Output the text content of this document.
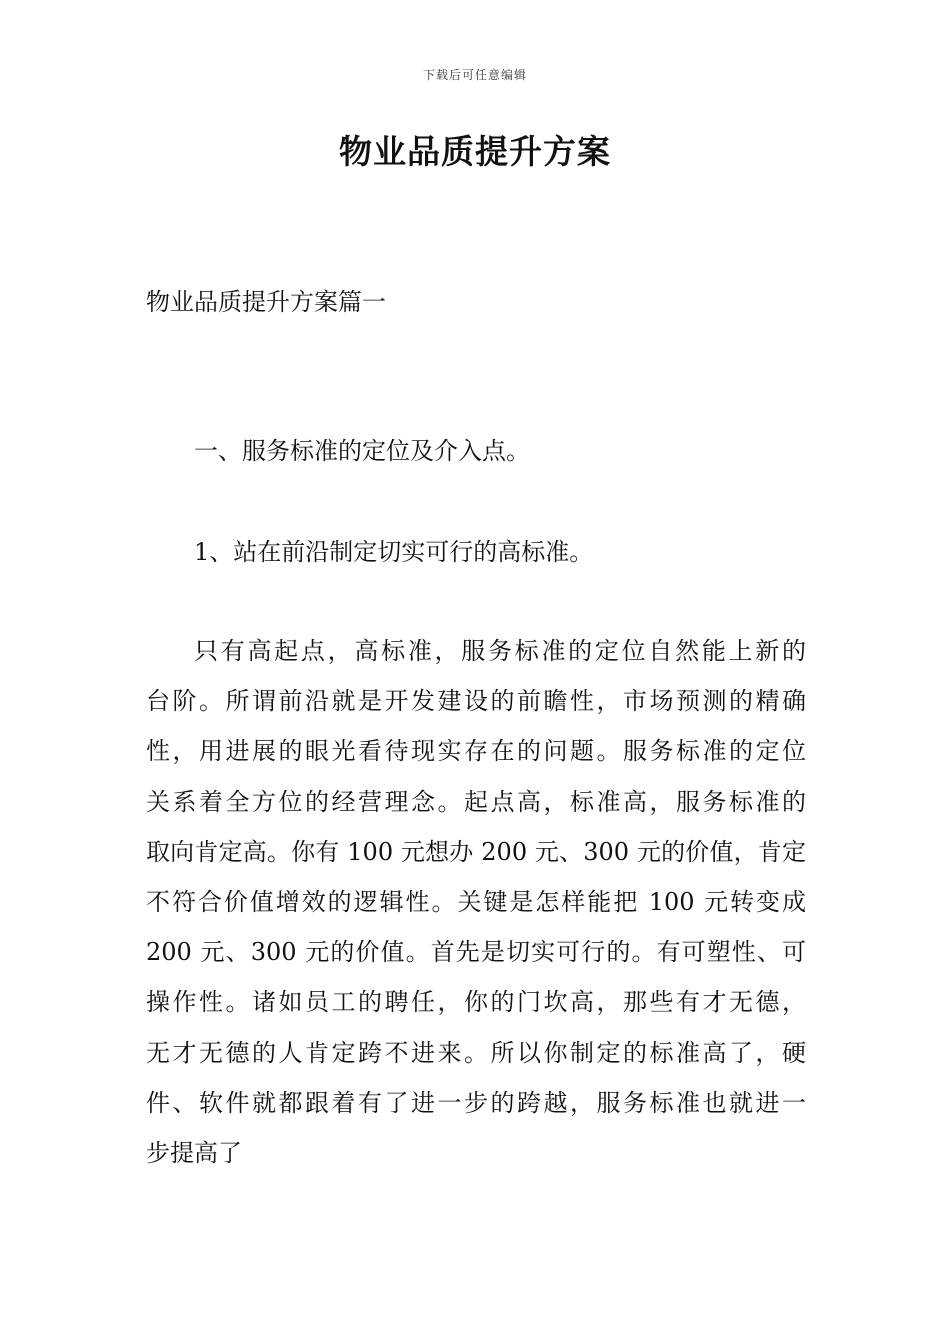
下载后可任意编辑
物业品质提升方案
物业品质提升方案篇一
一、服务标准的定位及介入点。
1、站在前沿制定切实可行的高标准。
只有高起点，高标准，服务标准的定位自然能上新的
台阶。所谓前沿就是开发建设的前瞻性，市场预测的精确
性，用进展的眼光看待现实存在的问题。服务标准的定位
关系着全方位的经营理念。起点高，标准高，服务标准的
取向肯定高。你有 100 元想办 200 元、300 元的价值，肯定
不符合价值增效的逻辑性。关键是怎样能把 100 元转变成
200 元、300 元的价值。首先是切实可行的。有可塑性、可
操作性。诸如员工的聘任，你的门坎高，那些有才无德，
无才无德的人肯定跨不进来。所以你制定的标准高了，硬
件、软件就都跟着有了进一步的跨越，服务标准也就进一
步提高了
